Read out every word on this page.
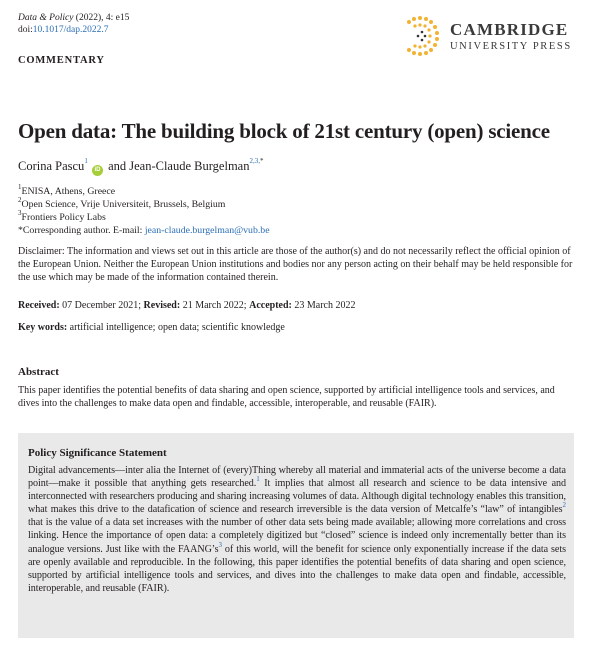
Data & Policy (2022), 4: e15
doi:10.1017/dap.2022.7	CAMBRIDGE
UNIVERSITY PRESS
COMMENTARY
Open data: The building block of 21st century (open) science
Corina Pascu$^1$ iD and Jean-Claude Burgelman$^{2,3,*}$
$^1$ENISA, Athens, Greece
$^2$Open Science, Vrije Universiteit, Brussels, Belgium
$^3$Frontiers Policy Labs
*Corresponding author. E-mail: jean-claude.burgelman@vub.be
Disclaimer: The information and views set out in this article are those of the author(s) and do not necessarily reflect the official opinion of the European Union. Neither the European Union institutions and bodies nor any person acting on their behalf may be held responsible for the use which may be made of the information contained therein.
Received: 07 December 2021; Revised: 21 March 2022; Accepted: 23 March 2022
Key words: artificial intelligence; open data; scientific knowledge
Abstract
This paper identifies the potential benefits of data sharing and open science, supported by artificial intelligence tools and services, and dives into the challenges to make data open and findable, accessible, interoperable, and reusable (FAIR).
Policy Significance Statement
Digital advancements—inter alia the Internet of (every)Thing whereby all material and immaterial acts of the universe become a data point—make it possible that anything gets researched.$^1$ It implies that almost all research and science to be data intensive and interconnected with researchers producing and sharing increasing volumes of data. Although digital technology enables this transition, what makes this drive to the datafication of science and research irreversible is the data version of Metcalfe’s “law” of intangibles$^2$ that is the value of a data set increases with the number of other data sets being made available; allowing more correlations and cross linking. Hence the importance of open data: a completely digitized but “closed” science is indeed only incrementally better than its analogue versions. Just like with the $FAANG’s^3$ of this world, will the benefit for science only exponentially increase if the data sets are openly available and reproducible. In the following, this paper identifies the potential benefits of data sharing and open science, supported by artificial intelligence tools and services, and dives into the challenges to make data open and findable, accessible, interoperable, and reusable (FAIR).
